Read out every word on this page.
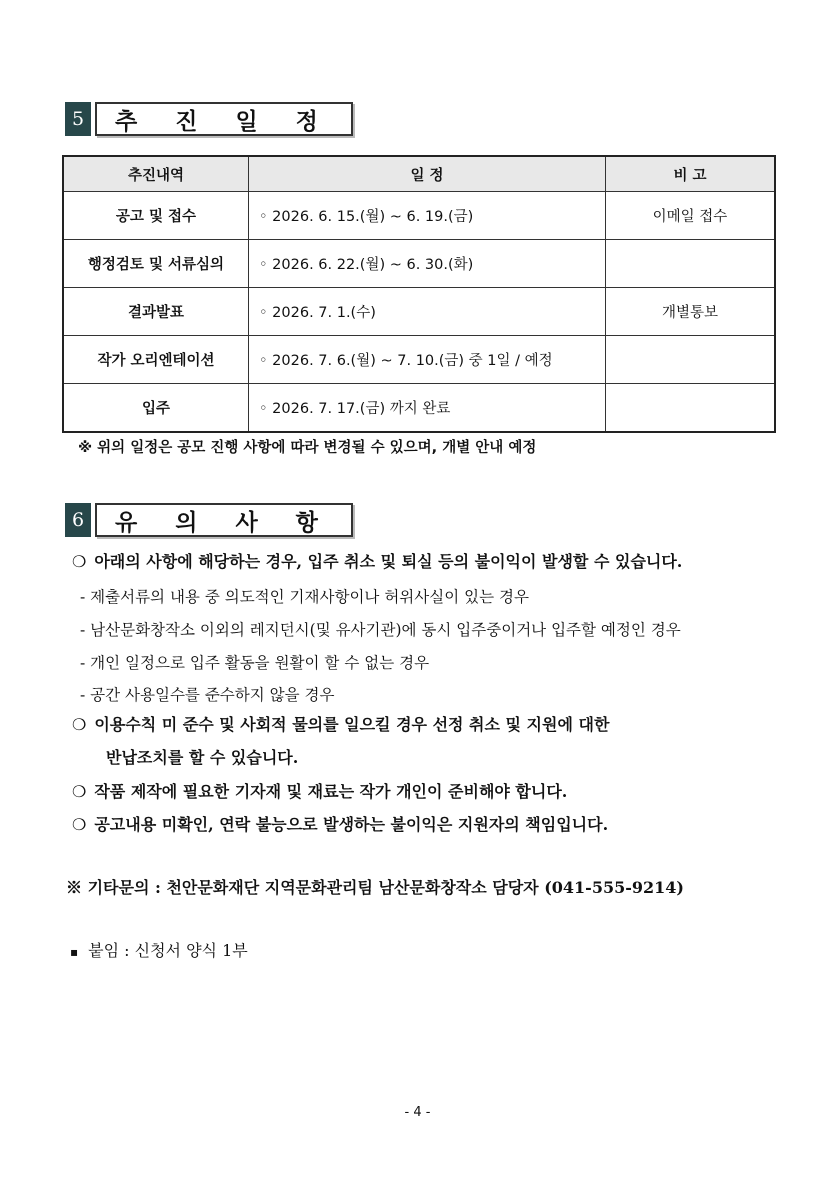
5	추 진 일 정
추진내역	일 정	비 고
공고 및 접수	◦ 2026. 6. 15.(월) ~ 6. 19.(금)	이메일 접수
행정검토 및 서류심의	◦ 2026. 6. 22.(월) ~ 6. 30.(화)	
결과발표	◦ 2026. 7. 1.(수)	개별통보
작가 오리엔테이션	◦ 2026. 7. 6.(월) ~ 7. 10.(금) 중 1일 / 예정	
입주	◦ 2026. 7. 17.(금) 까지 완료	
※ 위의 일정은 공모 진행 사항에 따라 변경될 수 있으며, 개별 안내 예정
6	유 의 사 항
❍ 아래의 사항에 해당하는 경우, 입주 취소 및 퇴실 등의 불이익이 발생할 수 있습니다.
- 제출서류의 내용 중 의도적인 기재사항이나 허위사실이 있는 경우
- 남산문화창작소 이외의 레지던시(및 유사기관)에 동시 입주중이거나 입주할 예정인 경우
- 개인 일정으로 입주 활동을 원활이 할 수 없는 경우
- 공간 사용일수를 준수하지 않을 경우
❍ 이용수칙 미 준수 및 사회적 물의를 일으킬 경우 선정 취소 및 지원에 대한
반납조치를 할 수 있습니다.
❍ 작품 제작에 필요한 기자재 및 재료는 작가 개인이 준비해야 합니다.
❍ 공고내용 미확인, 연락 불능으로 발생하는 불이익은 지원자의 책임입니다.
※ 기타문의 : 천안문화재단 지역문화관리팀 남산문화창작소 담당자 (041-555-9214)
▪ 붙임 : 신청서 양식 1부
- 4 -
